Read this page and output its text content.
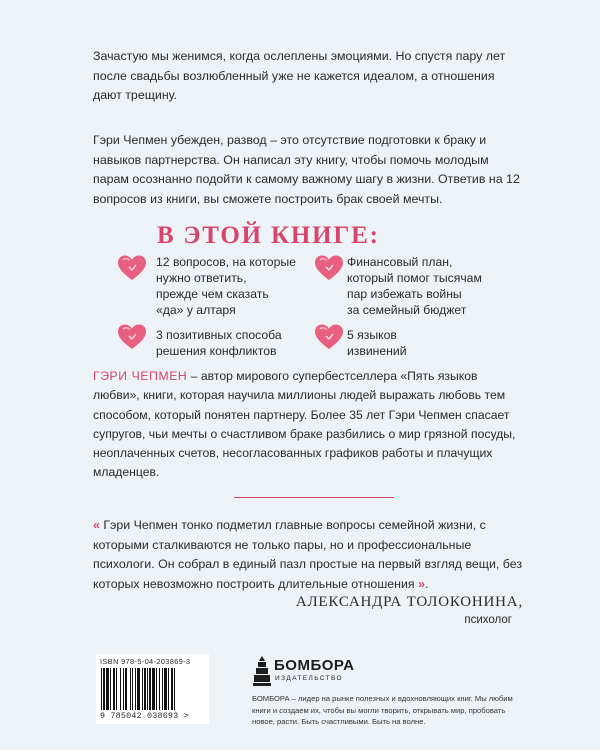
Зачастую мы женимся, когда ослеплены эмоциями. Но спустя пару лет после свадьбы возлюбленный уже не кажется идеалом, а отношения дают трещину.

Гэри Чепмен убежден, развод – это отсутствие подготовки к браку и навыков партнерства. Он написал эту книгу, чтобы помочь молодым парам осознанно подойти к самому важному шагу в жизни. Ответив на 12 вопросов из книги, вы сможете построить брак своей мечты.

В ЭТОЙ КНИГЕ:
12 вопросов, на которые
нужно ответить,
прежде чем сказать
«да» у алтаря
Финансовый план,
который помог тысячам
пар избежать войны
за семейный бюджет
3 позитивных способа
решения конфликтов
5 языков
извинений

ГЭРИ ЧЕПМЕН – автор мирового супербестселлера «Пять языков любви», книги, которая научила миллионы людей выражать любовь тем способом, который понятен партнеру. Более 35 лет Гэри Чепмен спасает супругов, чьи мечты о счастливом браке разбились о мир грязной посуды, неоплаченных счетов, несогласованных графиков работы и плачущих младенцев.

« Гэри Чепмен тонко подметил главные вопросы семейной жизни, с которыми сталкиваются не только пары, но и профессиональные психологи. Он собрал в единый пазл простые на первый взгляд вещи, без которых невозможно построить длительные отношения ».

АЛЕКСАНДРА ТОЛОКОНИНА,
психолог
ISBN 978-5-04-203869-3
9 785042 038693 >
БОМБОРА
ИЗДАТЕЛЬСТВО

БОМБОРА – лидер на рынке полезных и вдохновляющих книг. Мы любим книги и создаем их, чтобы вы могли творить, открывать мир, пробовать новое, расти. Быть счастливыми. Быть на волне.
